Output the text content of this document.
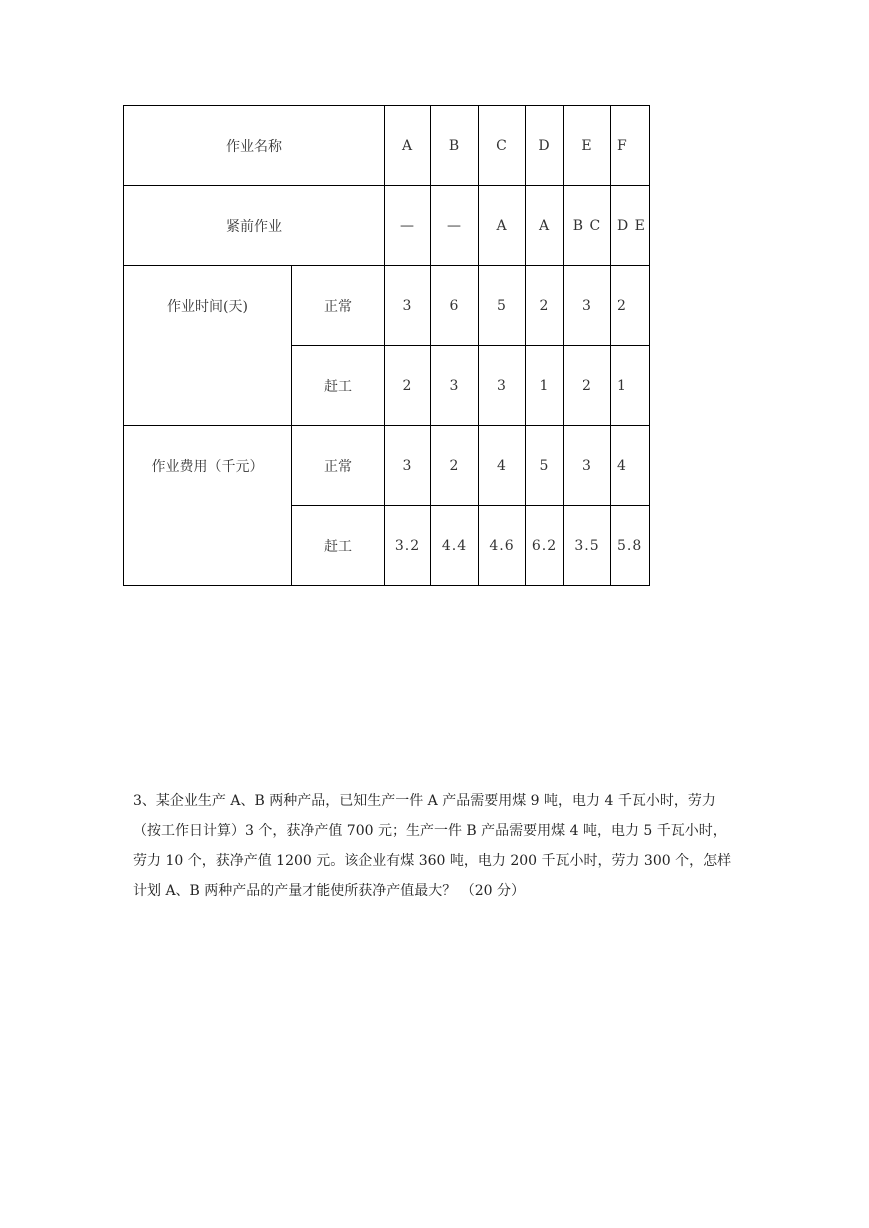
作业名称		A	B	C	D	E	F
紧前作业		—	—	A	A	B C	D E
作业时间(天)	正常	3	6	5	2	3	2
	赶工	2	3	3	1	2	1
作业费用（千元）	正常	3	2	4	5	3	4
	赶工	3.2	4.4	4.6	6.2	3.5	5.8

3、某企业生产 A、B 两种产品，已知生产一件 A 产品需要用煤 9 吨，电力 4 千瓦小时，劳力

（按工作日计算）3 个，获净产值 700 元；生产一件 B 产品需要用煤 4 吨，电力 5 千瓦小时，

劳力 10 个，获净产值 1200 元。该企业有煤 360 吨，电力 200 千瓦小时，劳力 300 个，怎样

计划 A、B 两种产品的产量才能使所获净产值最大？ （20 分）
